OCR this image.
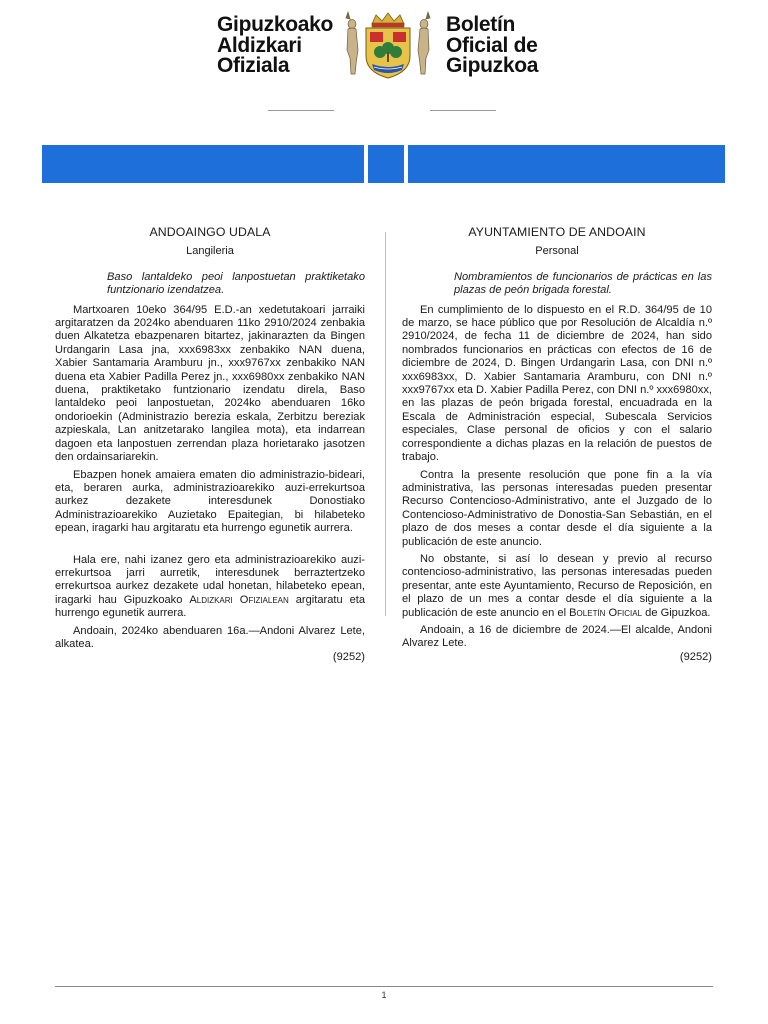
Gipuzkoako
Aldizkari
Ofiziala
Boletín
Oficial de
Gipuzkoa
ANDOAINGO UDALA
Langileria

Baso lantaldeko peoi lanpostuetan praktiketako funtzionario izendatzea.

Martxoaren 10eko 364/95 E.D.-an xedetutakoari jarraiki argitaratzen da 2024ko abenduaren 11ko 2910/2024 zenbakia duen Alkatetza ebazpenaren bitartez, jakinarazten da Bingen Urdangarin Lasa jna, xxx6983xx zenbakiko NAN duena, Xabier Santamaria Aramburu jn., xxx9767xx zenbakiko NAN duena eta Xabier Padilla Perez jn., xxx6980xx zenbakiko NAN duena, praktiketako funtzionario izendatu direla, Baso lantaldeko peoi lanpostuetan, 2024ko abenduaren 16ko ondorioekin (Administrazio berezia eskala, Zerbitzu bereziak azpieskala, Lan anitzetarako langilea mota), eta indarrean dagoen eta lanpostuen zerrendan plaza horietarako jasotzen den ordainsariarekin.

Ebazpen honek amaiera ematen dio administrazio-bideari, eta, beraren aurka, administrazioarekiko auzi-errekurtsoa aurkez dezakete interesdunek Donostiako Administrazioarekiko Auzietako Epaitegian, bi hilabeteko epean, iragarki hau argitaratu eta hurrengo egunetik aurrera.

Hala ere, nahi izanez gero eta administrazioarekiko auzi-errekurtsoa jarri aurretik, interesdunek berraztertzeko errekurtsoa aurkez dezakete udal honetan, hilabeteko epean, iragarki hau Gipuzkoako Aldizkari Ofizialean argitaratu eta hurrengo egunetik aurrera.

Andoain, 2024ko abenduaren 16a.—Andoni Alvarez Lete, alkatea.
(9252)

AYUNTAMIENTO DE ANDOAIN
Personal

Nombramientos de funcionarios de prácticas en las plazas de peón brigada forestal.

En cumplimiento de lo dispuesto en el R.D. 364/95 de 10 de marzo, se hace público que por Resolución de Alcaldía n.º 2910/2024, de fecha 11 de diciembre de 2024, han sido nombrados funcionarios en prácticas con efectos de 16 de diciembre de 2024, D. Bingen Urdangarin Lasa, con DNI n.º xxx6983xx, D. Xabier Santamaria Aramburu, con DNI n.º xxx9767xx eta D. Xabier Padilla Perez, con DNI n.º xxx6980xx, en las plazas de peón brigada forestal, encuadrada en la Escala de Administración especial, Subescala Servicios especiales, Clase personal de oficios y con el salario correspondiente a dichas plazas en la relación de puestos de trabajo.

Contra la presente resolución que pone fin a la vía administrativa, las personas interesadas pueden presentar Recurso Contencioso-Administrativo, ante el Juzgado de lo Contencioso-Administrativo de Donostia-San Sebastián, en el plazo de dos meses a contar desde el día siguiente a la publicación de este anuncio.

No obstante, si así lo desean y previo al recurso contencioso-administrativo, las personas interesadas pueden presentar, ante este Ayuntamiento, Recurso de Reposición, en el plazo de un mes a contar desde el día siguiente a la publicación de este anuncio en el Boletín Oficial de Gipuzkoa.

Andoain, a 16 de diciembre de 2024.—El alcalde, Andoni Alvarez Lete.
(9252)

1
